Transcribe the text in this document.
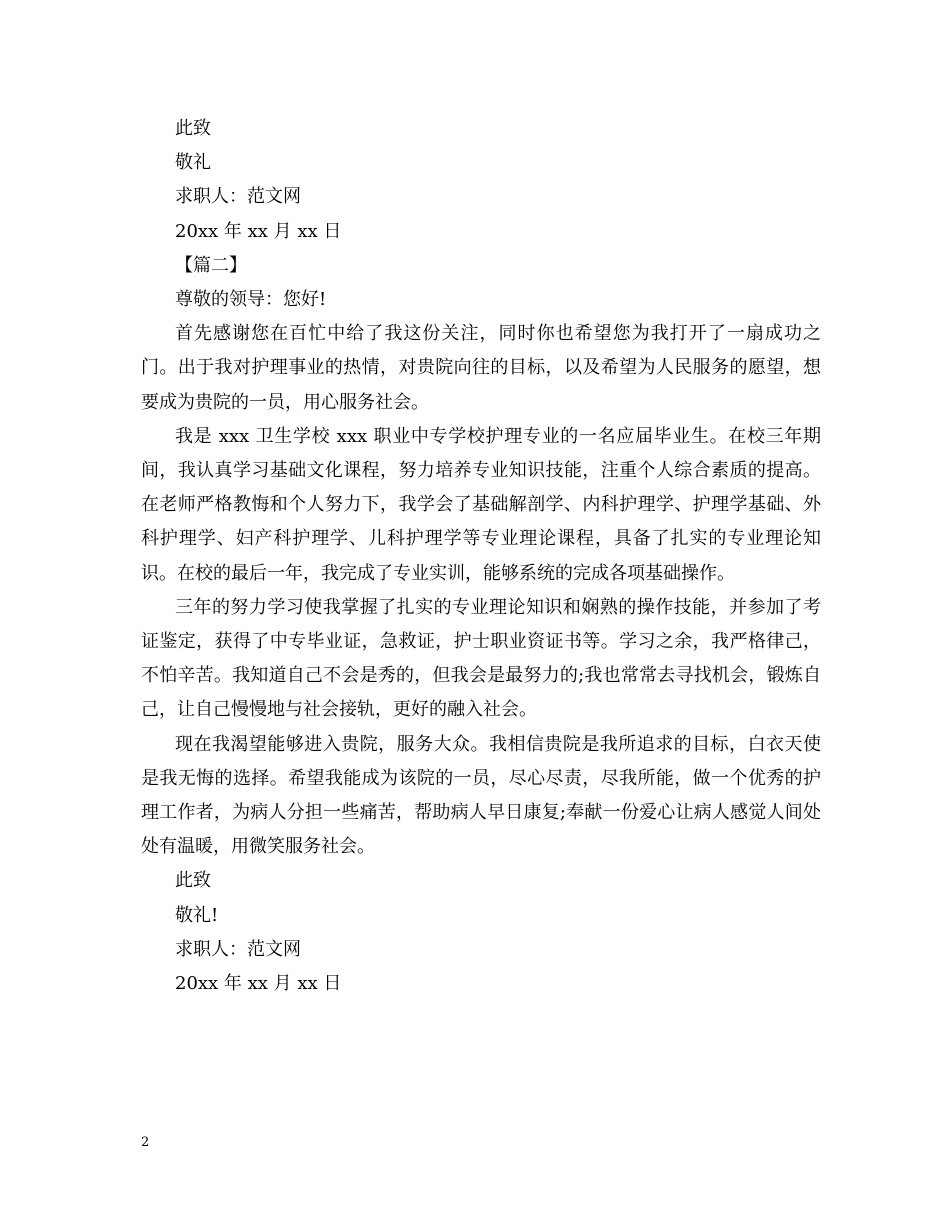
此致
敬礼
求职人：范文网
20xx 年 xx 月 xx 日
【篇二】
尊敬的领导：您好!

首先感谢您在百忙中给了我这份关注，同时你也希望您为我打开了一扇成功之门。出于我对护理事业的热情，对贵院向往的目标，以及希望为人民服务的愿望，想要成为贵院的一员，用心服务社会。

我是 xxx 卫生学校 xxx 职业中专学校护理专业的一名应届毕业生。在校三年期间，我认真学习基础文化课程，努力培养专业知识技能，注重个人综合素质的提高。在老师严格教悔和个人努力下，我学会了基础解剖学、内科护理学、护理学基础、外科护理学、妇产科护理学、儿科护理学等专业理论课程，具备了扎实的专业理论知识。在校的最后一年，我完成了专业实训，能够系统的完成各项基础操作。

三年的努力学习使我掌握了扎实的专业理论知识和娴熟的操作技能，并参加了考证鉴定，获得了中专毕业证，急救证，护士职业资证书等。学习之余，我严格律己，不怕辛苦。我知道自己不会是秀的，但我会是最努力的;我也常常去寻找机会，锻炼自己，让自己慢慢地与社会接轨，更好的融入社会。

现在我渴望能够进入贵院，服务大众。我相信贵院是我所追求的目标，白衣天使是我无悔的选择。希望我能成为该院的一员，尽心尽责，尽我所能，做一个优秀的护理工作者，为病人分担一些痛苦，帮助病人早日康复;奉献一份爱心让病人感觉人间处处有温暖，用微笑服务社会。

此致
敬礼!
求职人：范文网
20xx 年 xx 月 xx 日
2
